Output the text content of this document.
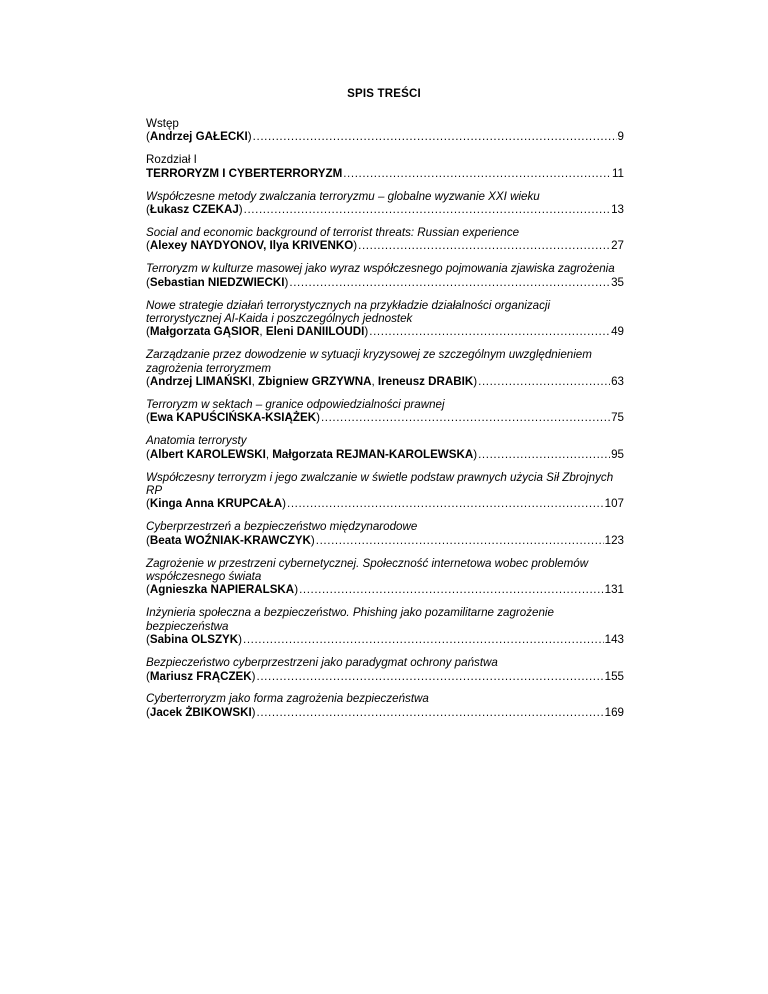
SPIS TREŚCI
Wstęp
(Andrzej GAŁECKI) .....	9
Rozdział I
TERRORYZM I CYBERTERRORYZM .....	11
Współczesne metody zwalczania terroryzmu – globalne wyzwanie XXI wieku
(Łukasz CZEKAJ) .....	13
Social and economic background of terrorist threats: Russian experience
(Alexey NAYDYONOV, Ilya KRIVENKO) .....	27
Terroryzm w kulturze masowej jako wyraz współczesnego pojmowania zjawiska zagrożenia
(Sebastian NIEDZWIECKI) .....	35
Nowe strategie działań terrorystycznych na przykładzie działalności organizacji terrorystycznej Al-Kaida i poszczególnych jednostek
(Małgorzata GĄSIOR, Eleni DANIILOUDI) .....	49
Zarządzanie przez dowodzenie w sytuacji kryzysowej ze szczególnym uwzględnieniem zagrożenia terroryzmem
(Andrzej LIMAŃSKI, Zbigniew GRZYWNA, Ireneusz DRABIK) .....	63
Terroryzm w sektach – granice odpowiedzialności prawnej
(Ewa KAPUŚCIŃSKA-KSIĄŻEK) .....	75
Anatomia terrorysty
(Albert KAROLEWSKI, Małgorzata REJMAN-KAROLEWSKA) .....	95
Współczesny terroryzm i jego zwalczanie w świetle podstaw prawnych użycia Sił Zbrojnych RP
(Kinga Anna KRUPCAŁA) .....	107
Cyberprzestrzeń a bezpieczeństwo międzynarodowe
(Beata WOŹNIAK-KRAWCZYK) .....	123
Zagrożenie w przestrzeni cybernetycznej. Społeczność internetowa wobec problemów współczesnego świata
(Agnieszka NAPIERALSKA) .....	131
Inżynieria społeczna a bezpieczeństwo. Phishing jako pozamilitarne zagrożenie bezpieczeństwa
(Sabina OLSZYK) .....	143
Bezpieczeństwo cyberprzestrzeni jako paradygmat ochrony państwa
(Mariusz FRĄCZEK) .....	155
Cyberterroryzm jako forma zagrożenia bezpieczeństwa
(Jacek ŻBIKOWSKI) .....	169
